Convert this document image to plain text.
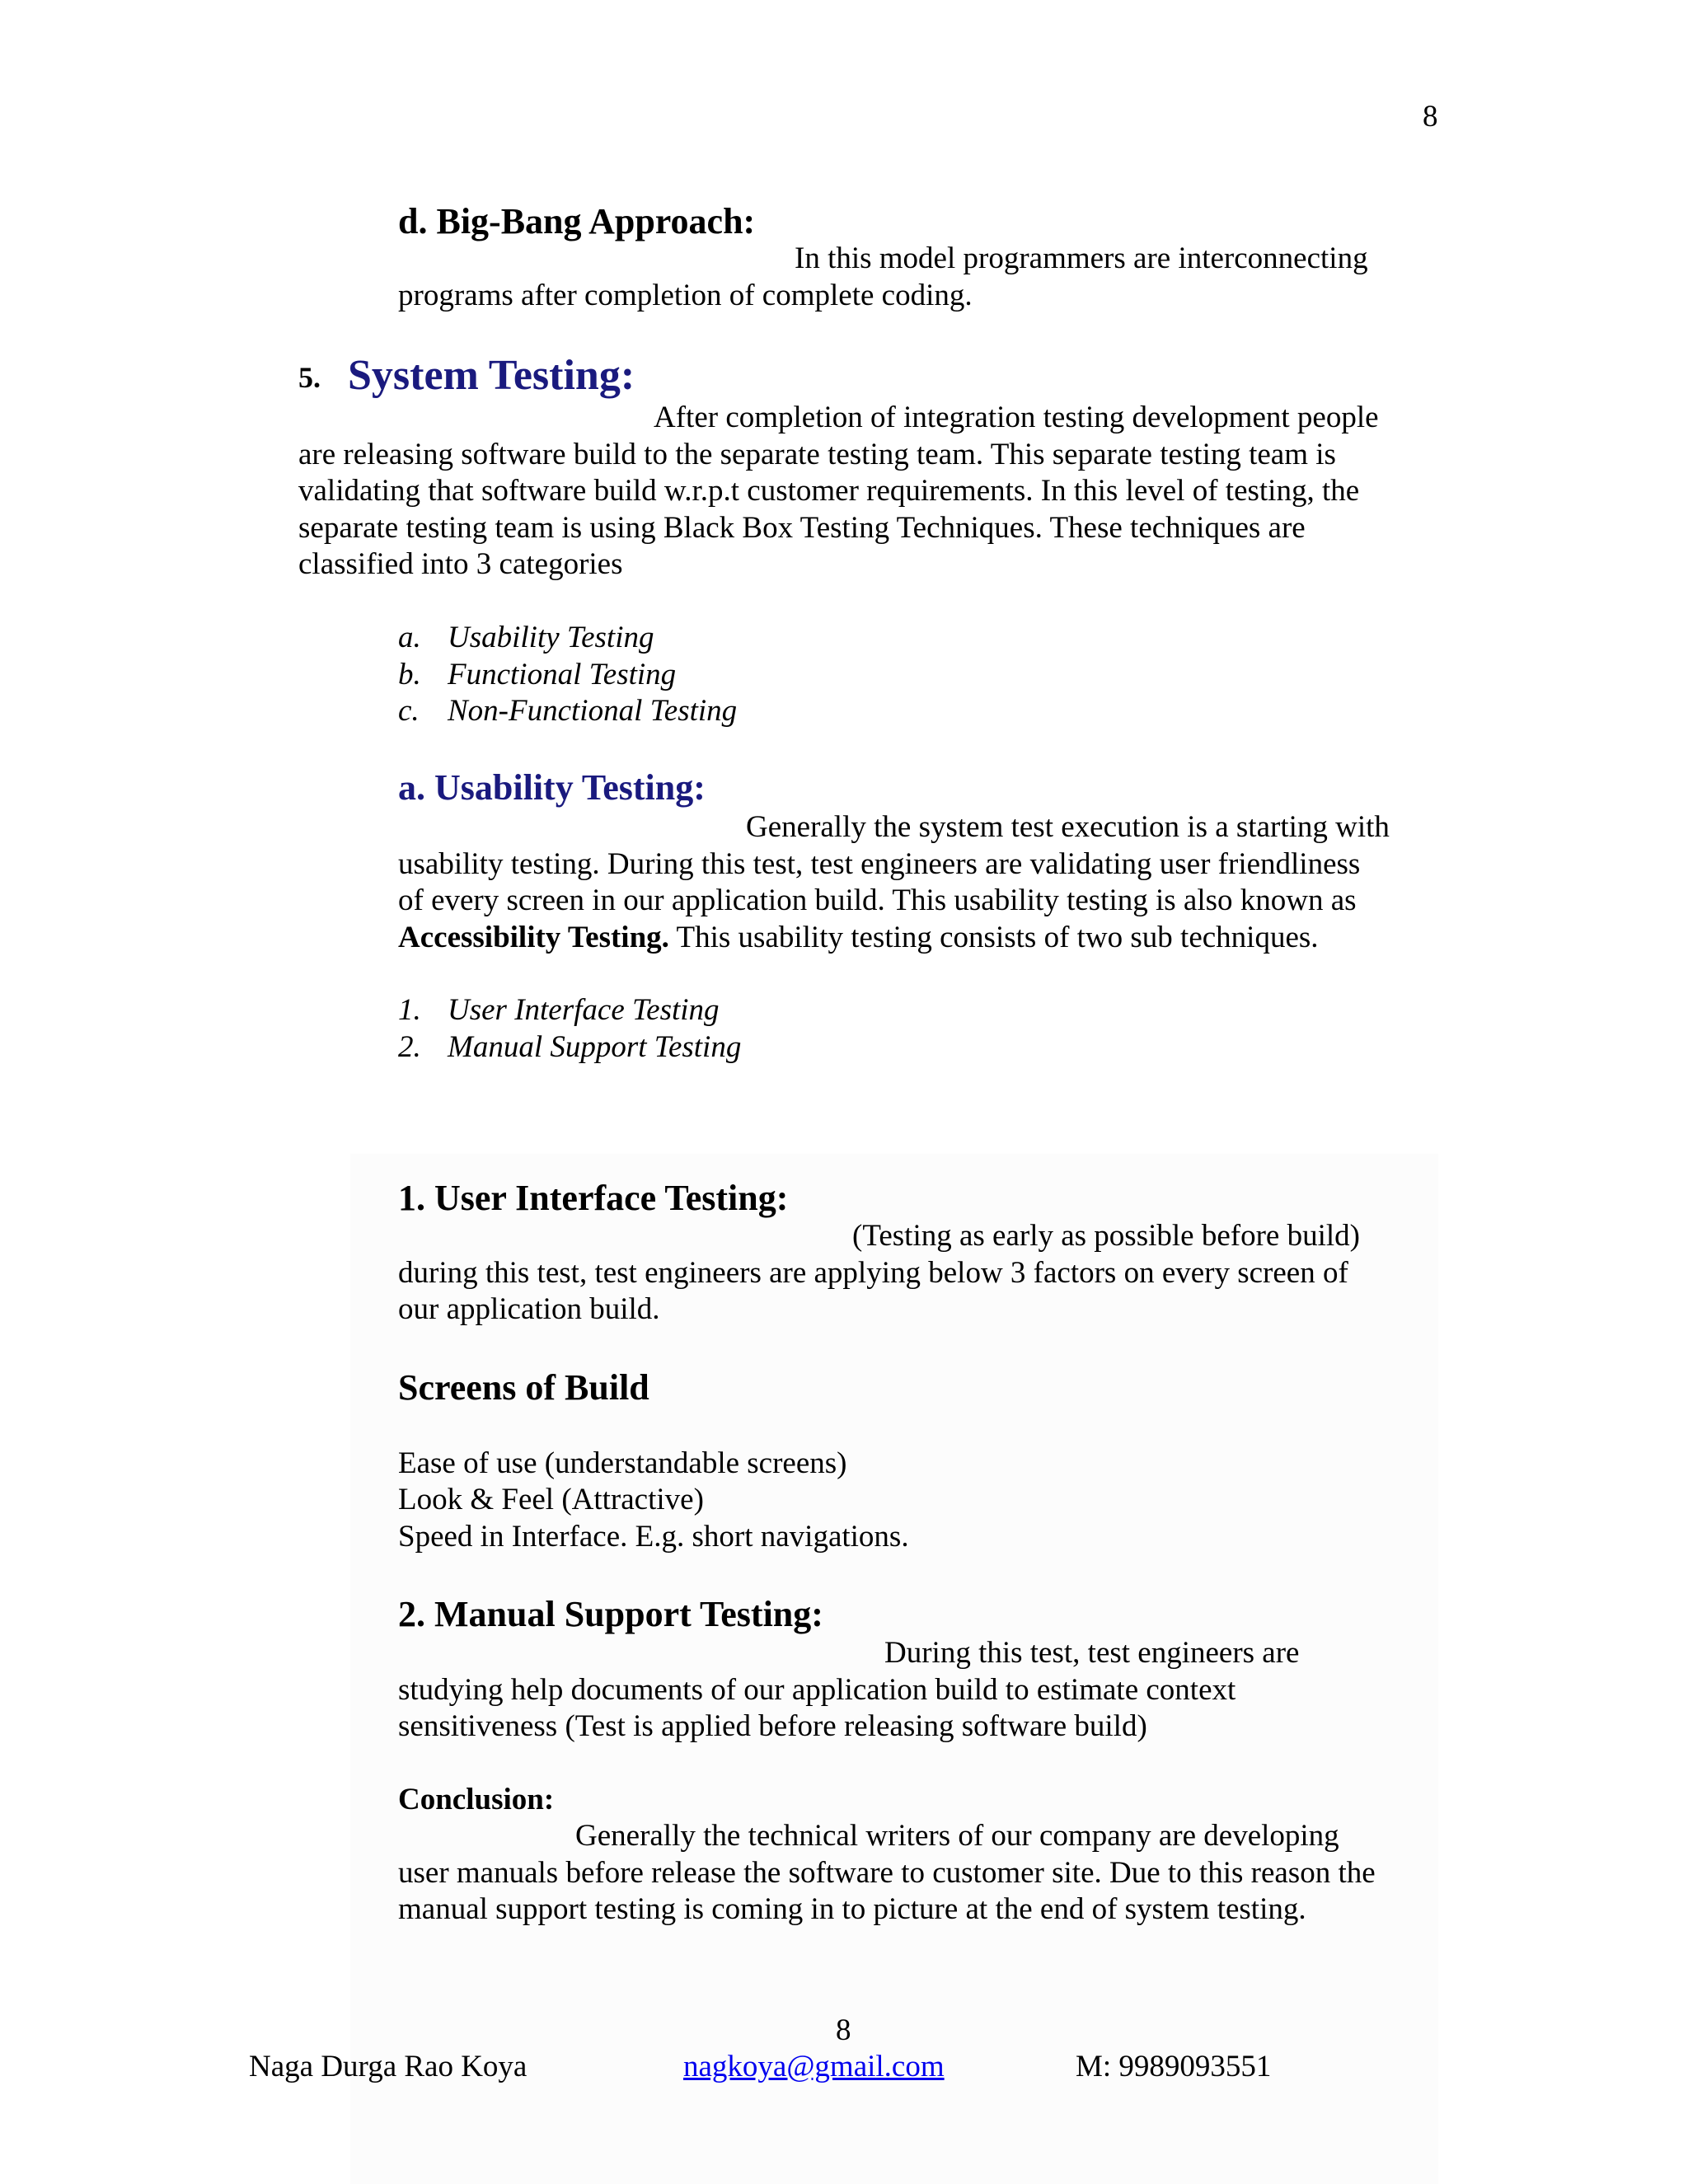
8
d. Big-Bang Approach:
In this model programmers are interconnecting
programs after completion of complete coding.
5. System Testing:
After completion of integration testing development people
are releasing software build to the separate testing team. This separate testing team is
validating that software build w.r.p.t customer requirements. In this level of testing, the
separate testing team is using Black Box Testing Techniques. These techniques are
classified into 3 categories
a. Usability Testing
b. Functional Testing
c. Non-Functional Testing
a. Usability Testing:
Generally the system test execution is a starting with
usability testing. During this test, test engineers are validating user friendliness
of every screen in our application build. This usability testing is also known as
Accessibility Testing. This usability testing consists of two sub techniques.
1. User Interface Testing
2. Manual Support Testing
1. User Interface Testing:
(Testing as early as possible before build)
during this test, test engineers are applying below 3 factors on every screen of
our application build.
Screens of Build
Ease of use (understandable screens)
Look & Feel (Attractive)
Speed in Interface. E.g. short navigations.
2. Manual Support Testing:
During this test, test engineers are
studying help documents of our application build to estimate context
sensitiveness (Test is applied before releasing software build)
Conclusion:
Generally the technical writers of our company are developing
user manuals before release the software to customer site. Due to this reason the
manual support testing is coming in to picture at the end of system testing.
8
Naga Durga Rao Koya	nagkoya@gmail.com	M: 9989093551
